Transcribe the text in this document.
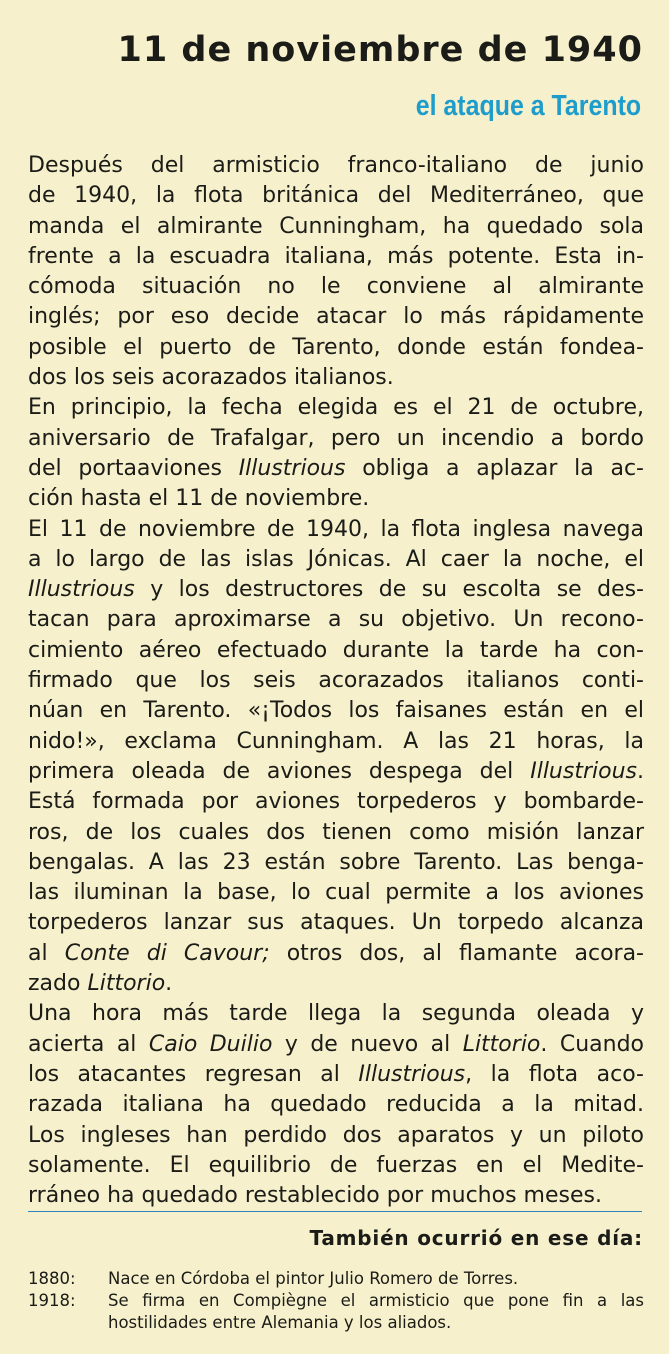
11 de noviembre de 1940
el ataque a Tarento
Después del armisticio franco-italiano de junio
de 1940, la flota británica del Mediterráneo, que
manda el almirante Cunningham, ha quedado sola
frente a la escuadra italiana, más potente. Esta in-
cómoda situación no le conviene al almirante
inglés; por eso decide atacar lo más rápidamente
posible el puerto de Tarento, donde están fondea-
dos los seis acorazados italianos.
En principio, la fecha elegida es el 21 de octubre,
aniversario de Trafalgar, pero un incendio a bordo
del portaaviones Illustrious obliga a aplazar la ac-
ción hasta el 11 de noviembre.
El 11 de noviembre de 1940, la flota inglesa navega
a lo largo de las islas Jónicas. Al caer la noche, el
Illustrious y los destructores de su escolta se des-
tacan para aproximarse a su objetivo. Un recono-
cimiento aéreo efectuado durante la tarde ha con-
firmado que los seis acorazados italianos conti-
núan en Tarento. «¡Todos los faisanes están en el
nido!», exclama Cunningham. A las 21 horas, la
primera oleada de aviones despega del Illustrious.
Está formada por aviones torpederos y bombarde-
ros, de los cuales dos tienen como misión lanzar
bengalas. A las 23 están sobre Tarento. Las benga-
las iluminan la base, lo cual permite a los aviones
torpederos lanzar sus ataques. Un torpedo alcanza
al Conte di Cavour; otros dos, al flamante acora-
zado Littorio.
Una hora más tarde llega la segunda oleada y
acierta al Caio Duilio y de nuevo al Littorio. Cuando
los atacantes regresan al Illustrious, la flota aco-
razada italiana ha quedado reducida a la mitad.
Los ingleses han perdido dos aparatos y un piloto
solamente. El equilibrio de fuerzas en el Medite-
rráneo ha quedado restablecido por muchos meses.
También ocurrió en ese día:
1880: Nace en Córdoba el pintor Julio Romero de Torres.
1918: Se firma en Compiègne el armisticio que pone fin a las
hostilidades entre Alemania y los aliados.
